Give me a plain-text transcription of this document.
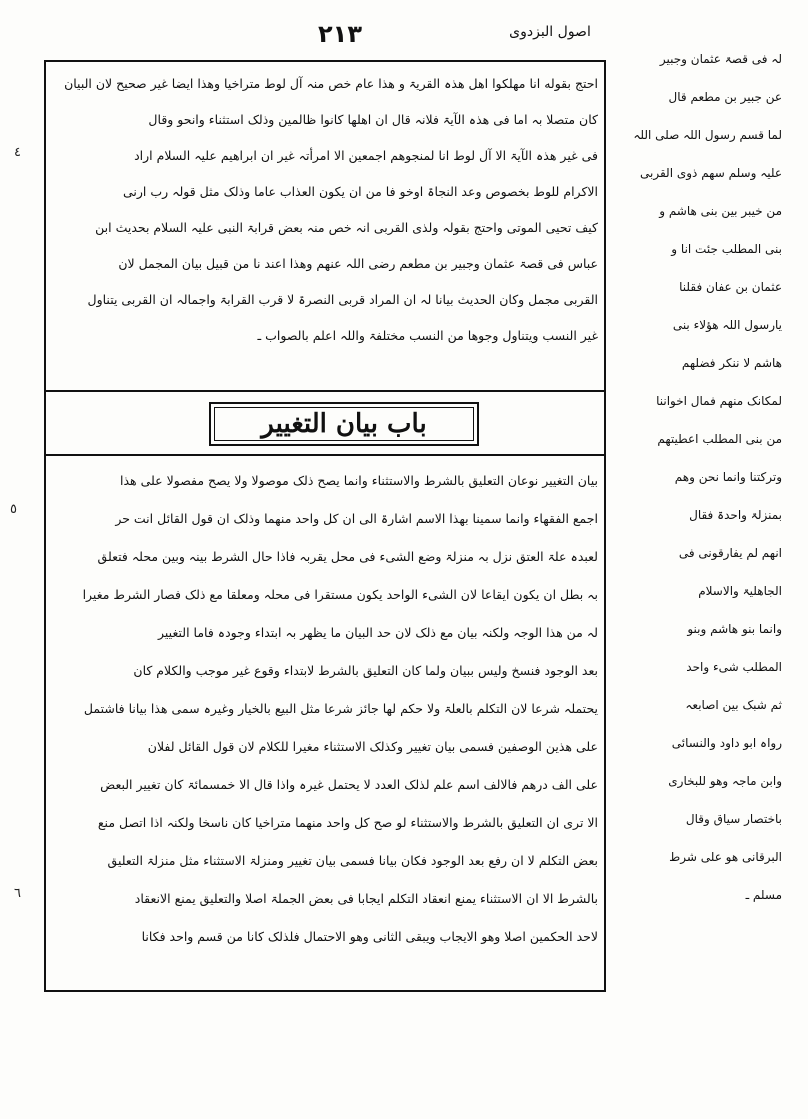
٢١٣	اصول البزدوی
احتج بقوله انا مهلکوا اهل ھذہ القریۃ و ھذا عام خص منہ آل لوط متراخیا وھذا ایضا غیر صحیح لان البیان
کان متصلا بہ اما فی ھذہ الآیۃ فلانہ قال ان اھلھا کانوا ظالمین وذلک استثناء وانحو وقال
فی غیر ھذہ الآیۃ الا آل لوط انا لمنجوھم اجمعین الا امرأتہ غیر ان ابراھیم علیہ السلام اراد
الاکرام للوط بخصوص وعد النجاۃ اوخو فا من ان یکون العذاب عاما وذلک مثل قولہ رب ارنی
کیف تحیی الموتی واحتج بقولہ ولذی القربی انہ خص منہ بعض قرابۃ النبی علیہ السلام بحدیث ابن
عباس فی قصۃ عثمان وجبیر بن مطعم رضی اللہ عنھم وھذا اعند نا من قبیل بیان المجمل لان
القربی مجمل وکان الحدیث بیانا لہ ان المراد قربی النصرۃ لا قرب القرابۃ واجمالہ ان القربی یتناول
غیر النسب ویتناول وجوھا من النسب مختلفۃ واللہ اعلم بالصواب ـ
باب بیان التغییر
بیان التغییر نوعان التعلیق بالشرط والاستثناء وانما یصح ذلک موصولا ولا یصح مفصولا علی ھذا
اجمع الفقھاء وانما سمینا بھذا الاسم اشارۃ الی ان کل واحد منھما وذلک ان قول القائل انت حر
لعبدہ علۃ العتق نزل بہ منزلۃ وضع الشیء فی محل یقربہ فاذا حال الشرط بینہ وبین محلہ فتعلق
بہ بطل ان یکون ایقاعا لان الشیء الواحد یکون مستقرا فی محلہ ومعلقا مع ذلک فصار الشرط مغیرا
لہ من ھذا الوجہ ولکنہ بیان مع ذلک لان حد البیان ما یظھر بہ ابتداء وجودہ فاما التغییر
بعد الوجود فنسخ ولیس ببیان ولما کان التعلیق بالشرط لابتداء وقوع غیر موجب والکلام کان
یحتملہ شرعا لان التکلم بالعلۃ ولا حکم لھا جائز شرعا مثل البیع بالخیار وغیرہ سمی ھذا بیانا فاشتمل
علی ھذین الوصفین فسمی بیان تغییر وکذلک الاستثناء مغیرا للکلام لان قول القائل لفلان
علی الف درھم فالالف اسم علم لذلک العدد لا یحتمل غیرہ واذا قال الا خمسمائۃ کان تغییر البعض
الا تری ان التعلیق بالشرط والاستثناء لو صح کل واحد منھما متراخیا کان ناسخا ولکنہ اذا اتصل منع
بعض التکلم لا ان رفع بعد الوجود فکان بیانا فسمی بیان تغییر ومنزلۃ الاستثناء مثل منزلۃ التعلیق
بالشرط الا ان الاستثناء یمنع انعقاد التکلم ایجابا فی بعض الجملۃ اصلا والتعلیق یمنع الانعقاد
لاحد الحکمین اصلا وھو الایجاب ویبقی الثانی وھو الاحتمال فلذلک کانا من قسم واحد فکانا
لہ فی قصۃ عثمان وجبیر
عن جبیر بن مطعم قال
لما قسم رسول اللہ صلی اللہ
علیہ وسلم سھم ذوی القربی
من خیبر بین بنی ھاشم و
بنی المطلب جئت انا و
عثمان بن عفان فقلنا
یارسول اللہ ھؤلاء بنی
ھاشم لا ننکر فضلھم
لمکانک منھم فمال اخواننا
من بنی المطلب اعطیتھم
وترکتنا وانما نحن وھم
بمنزلۃ واحدۃ فقال
انھم لم یفارقونی فی
الجاھلیۃ والاسلام
وانما بنو ھاشم وبنو
المطلب شیء واحد
ثم شبک بین اصابعہ
رواہ ابو داود والنسائی
وابن ماجہ وھو للبخاری
باختصار سیاق وقال
البرقانی ھو علی شرط
مسلم ـ
٤
٥
٦
